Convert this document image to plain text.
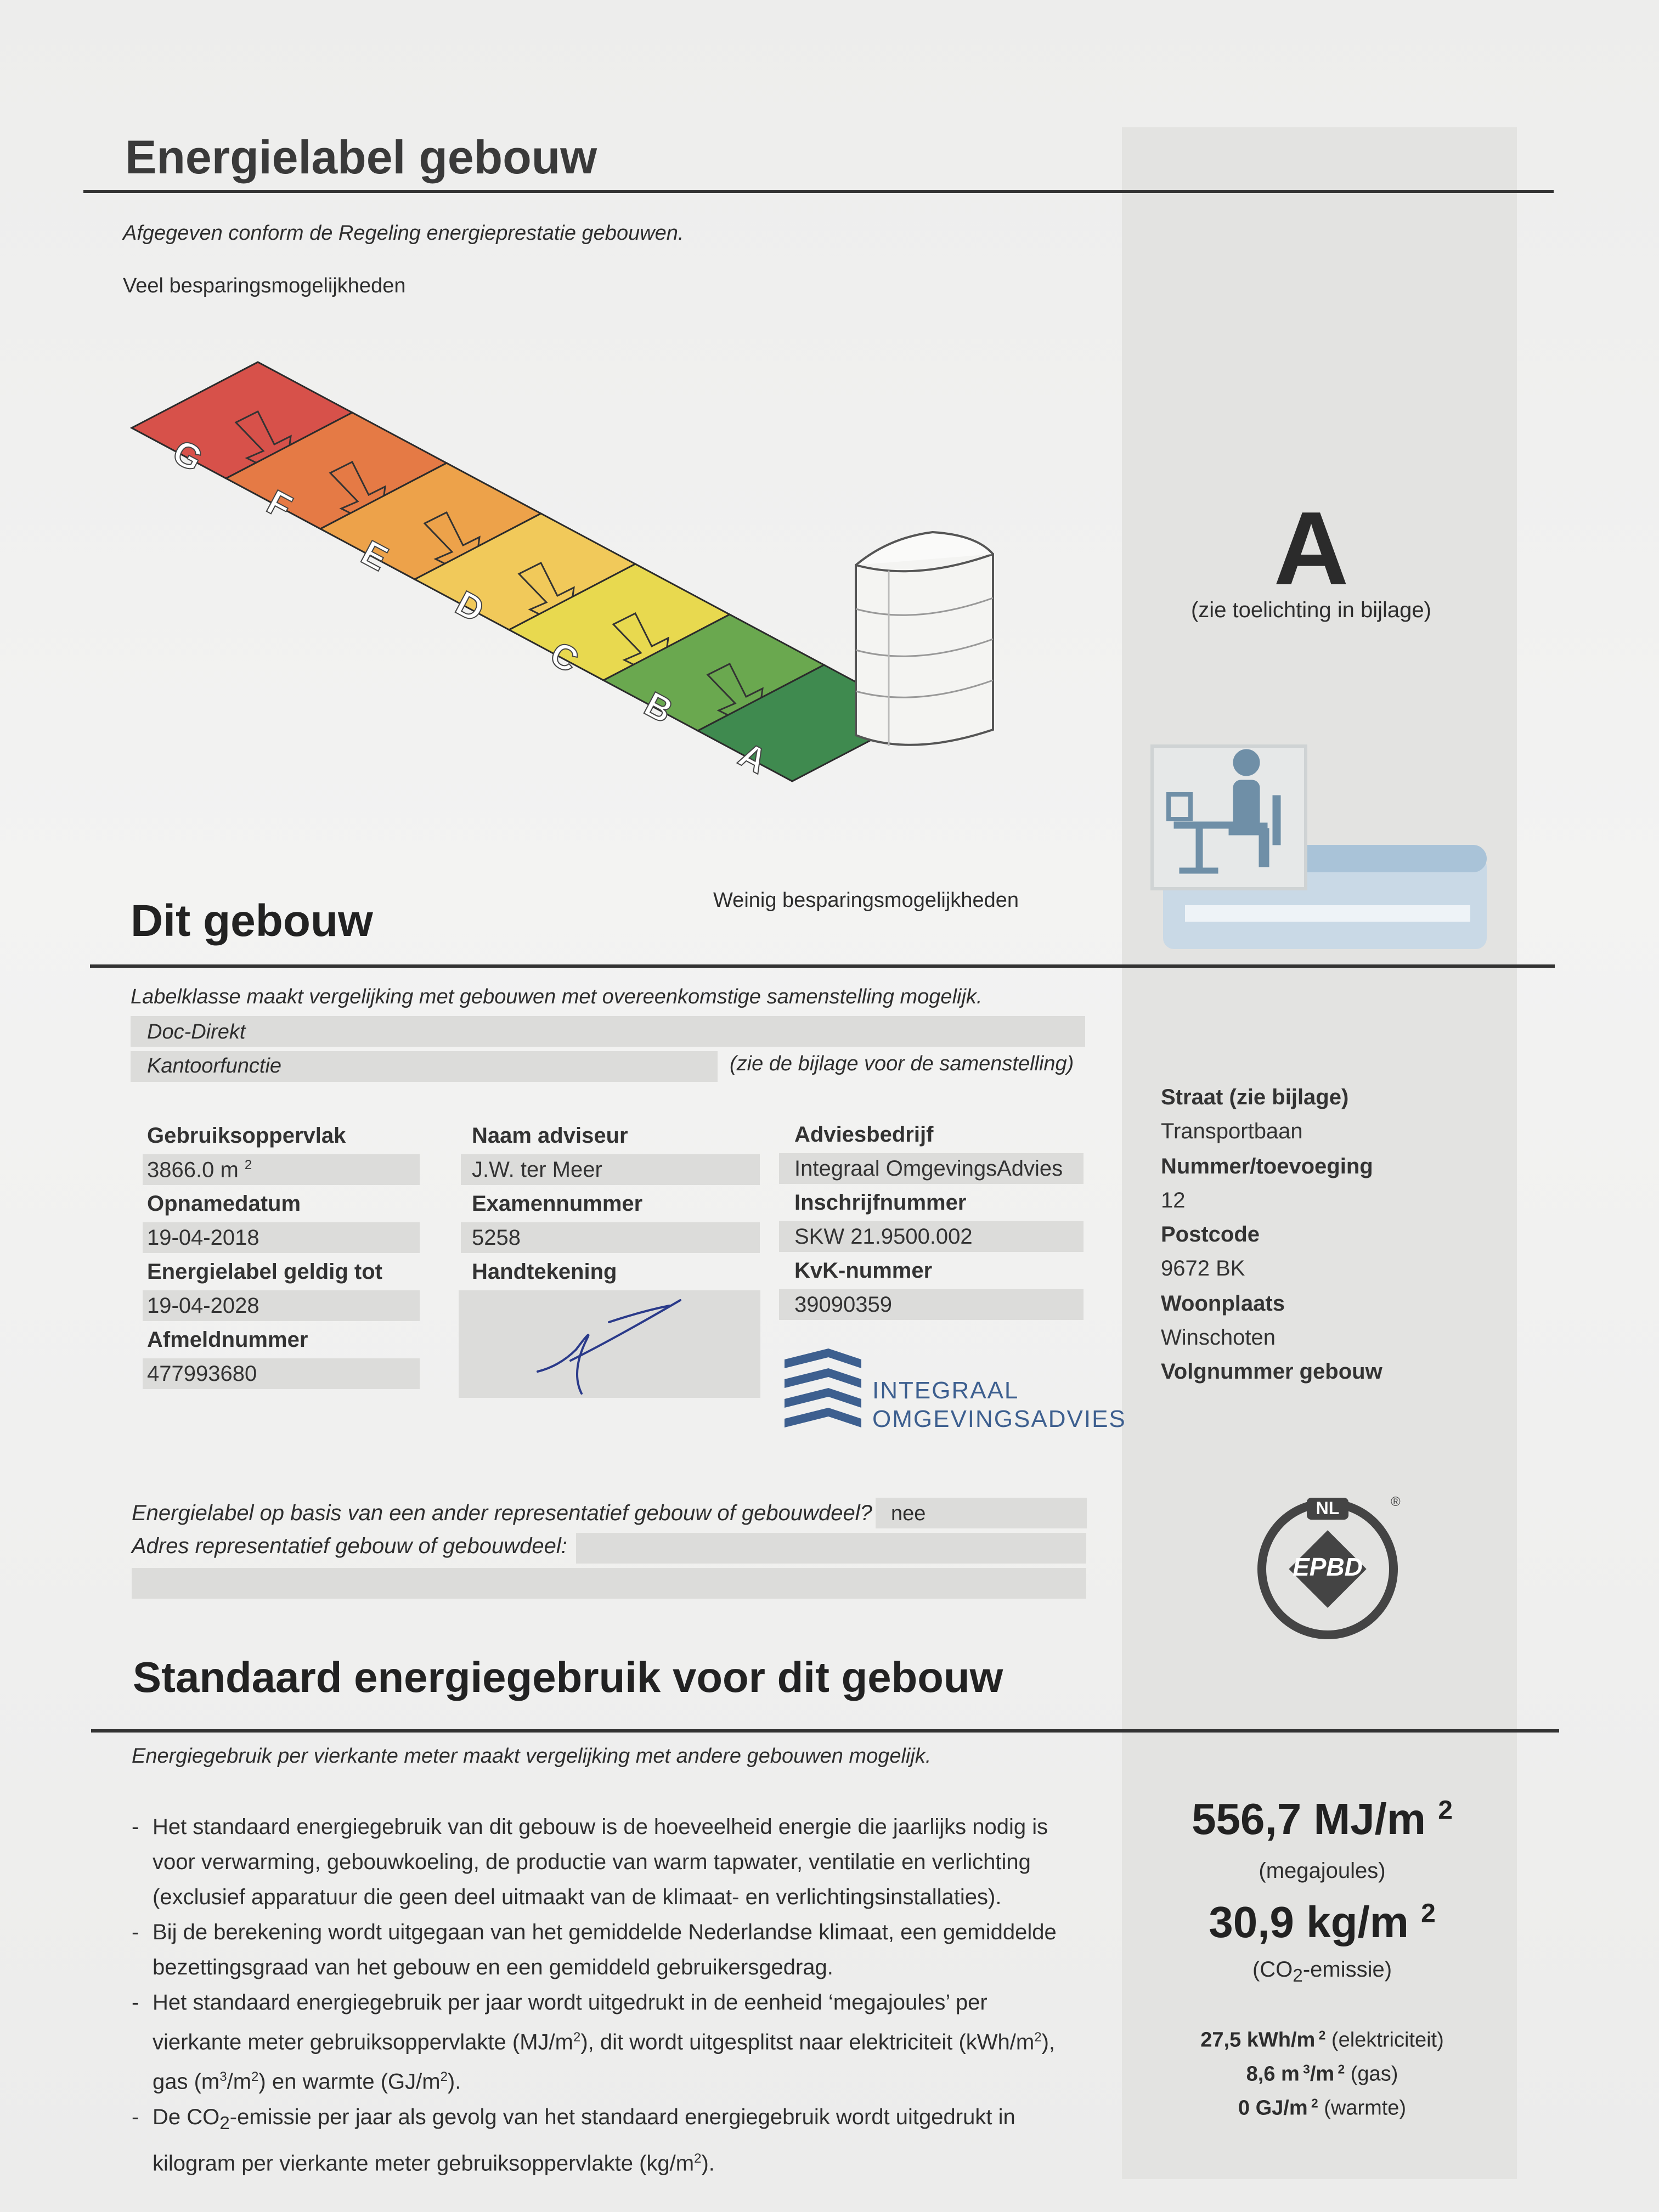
Energielabel gebouw
Afgegeven conform de Regeling energieprestatie gebouwen.
Veel besparingsmogelijkheden
G
F
E
D
C
B
A
A
(zie toelichting in bijlage)
Weinig besparingsmogelijkheden
Dit gebouw
Labelklasse maakt vergelijking met gebouwen met overeenkomstige samenstelling mogelijk.
Doc-Direkt
Kantoorfunctie	(zie de bijlage voor de samenstelling)
Gebruiksoppervlak
3866.0 m $^2$
Opnamedatum
19-04-2018
Energielabel geldig tot
19-04-2028
Afmeldnummer
477993680
Naam adviseur
J.W. ter Meer
Examennummer
5258
Handtekening
Adviesbedrijf
Integraal OmgevingsAdvies
Inschrijfnummer
SKW 21.9500.002
KvK-nummer
39090359
INTEGRAAL
OMGEVINGSADVIES
Straat (zie bijlage)
Transportbaan
Nummer/toevoeging
12
Postcode
9672 BK
Woonplaats
Winschoten
Volgnummer gebouw
Energielabel op basis van een ander representatief gebouw of gebouwdeel? nee
Adres representatief gebouw of gebouwdeel:
NL
EPBD
®
Standaard energiegebruik voor dit gebouw
Energiegebruik per vierkante meter maakt vergelijking met andere gebouwen mogelijk.
- Het standaard energiegebruik van dit gebouw is de hoeveelheid energie die jaarlijks nodig is voor verwarming, gebouwkoeling, de productie van warm tapwater, ventilatie en verlichting (exclusief apparatuur die geen deel uitmaakt van de klimaat- en verlichtingsinstallaties).
- Bij de berekening wordt uitgegaan van het gemiddelde Nederlandse klimaat, een gemiddelde bezettingsgraad van het gebouw en een gemiddeld gebruikersgedrag.
- Het standaard energiegebruik per jaar wordt uitgedrukt in de eenheid ‘megajoules’ per vierkante meter gebruiksoppervlakte $(MJ/m^2)$, dit wordt uitgesplitst naar elektriciteit $(kWh/m^2)$, gas $(m^3/m^2)$ en warmte $(GJ/m^2)$.
- De $CO_2$-emissie per jaar als gevolg van het standaard energiegebruik wordt uitgedrukt in kilogram per vierkante meter gebruiksoppervlakte $(kg/m^2)$.
556,7 MJ/m $^2$
(megajoules)
30,9 kg/m $^2$
$(CO_2-emissie)$
27,5 kWh/m $^2$ (elektriciteit)
8,6 m $^3$/m $^2$ (gas)
0 GJ/m $^2$ (warmte)
